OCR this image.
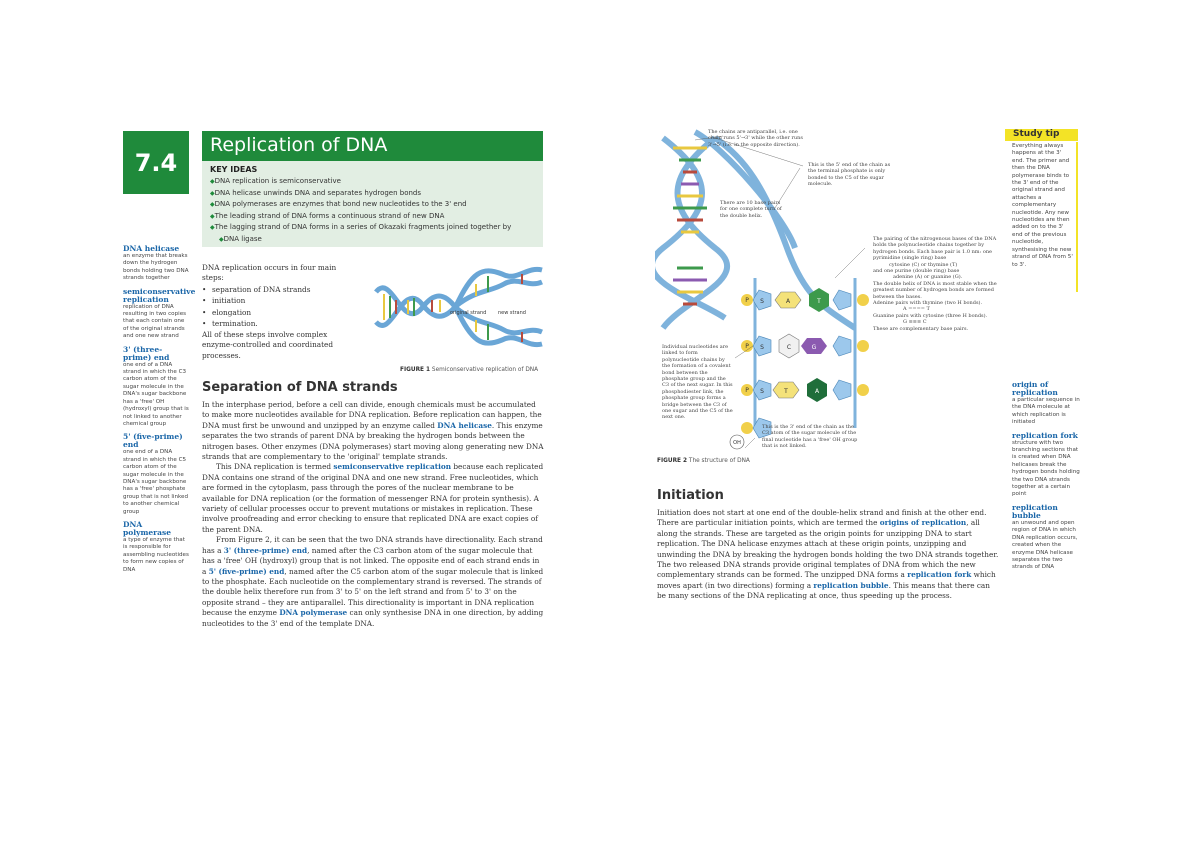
7.4
Replication of DNA
KEY IDEAS
◆ DNA replication is semiconservative
◆ DNA helicase unwinds DNA and separates hydrogen bonds
◆ DNA polymerases are enzymes that bond new nucleotides to the 3' end
◆ The leading strand of DNA forms a continuous strand of new DNA
◆ The lagging strand of DNA forms in a series of Okazaki fragments joined together by
◆ DNA ligase
DNA helicase
an enzyme that breaks down the hydrogen bonds holding two DNA strands together
semiconservative replication
replication of DNA resulting in two copies that each contain one of the original strands and one new strand
3' (three-prime) end
one end of a DNA strand in which the C3 carbon atom of the sugar molecule in the DNA's sugar backbone has a 'free' OH (hydroxyl) group that is not linked to another chemical group
5' (five-prime) end
one end of a DNA strand in which the C5 carbon atom of the sugar molecule in the DNA's sugar backbone has a 'free' phosphate group that is not linked to another chemical group
DNA polymerase
a type of enzyme that is responsible for assembling nucleotides to form new copies of DNA
DNA replication occurs in four main steps:
• separation of DNA strands
• initiation
• elongation
• termination.
All of these steps involve complex enzyme-controlled and coordinated processes.
original strand new strand
FIGURE 1 Semiconservative replication of DNA
Separation of DNA strands

In the interphase period, before a cell can divide, enough chemicals must be accumulated to make more nucleotides available for DNA replication. Before replication can happen, the DNA must first be unwound and unzipped by an enzyme called DNA helicase. This enzyme separates the two strands of parent DNA by breaking the hydrogen bonds between the nitrogen bases. Other enzymes (DNA polymerases) start moving along generating new DNA strands that are complementary to the 'original' template strands.

This DNA replication is termed semiconservative replication because each replicated DNA contains one strand of the original DNA and one new strand. Free nucleotides, which are formed in the cytoplasm, pass through the pores of the nuclear membrane to be available for DNA replication (or the formation of messenger RNA for protein synthesis). A variety of cellular processes occur to prevent mutations or mistakes in replication. These involve proofreading and error checking to ensure that replicated DNA are exact copies of the parent DNA.

From Figure 2, it can be seen that the two DNA strands have directionality. Each strand has a 3' (three-prime) end, named after the C3 carbon atom of the sugar molecule that has a 'free' OH (hydroxyl) group that is not linked. The opposite end of each strand ends in a 5' (five-prime) end, named after the C5 carbon atom of the sugar molecule that is linked to the phosphate. Each nucleotide on the complementary strand is reversed. The strands of the double helix therefore run from 3' to 5' on the left strand and from 5' to 3' on the opposite strand – they are antiparallel. This directionality is important in DNA replication because the enzyme DNA polymerase can only synthesise DNA in one direction, by adding nucleotides to the 3' end of the template DNA.

A	T
C	G
T	A
P
P
P
S
S
S
OH
The chains are antiparallel, i.e. one chain runs 5'→3' while the other runs 3'→5' (i.e. in the opposite direction).
This is the 5' end of the chain as the terminal phosphate is only bonded to the C5 of the sugar molecule.
There are 10 base pairs for one complete turn of the double helix.
The pairing of the nitrogenous bases of the DNA holds the polynucleotide chains together by hydrogen bonds. Each base pair is 1.0 nm: one pyrimidine (single ring) base
cytosine (C) or thymine (T)
and one purine (double ring) base
adenine (A) or guanine (G).
The double helix of DNA is most stable when the greatest number of hydrogen bonds are formed between the bases.
Adenine pairs with thymine (two H bonds).
A ==== T
Guanine pairs with cytosine (three H bonds).
G ≡≡≡ C
These are complementary base pairs.
Individual nucleotides are linked to form polynucleotide chains by the formation of a covalent bond between the phosphate group and the C3 of the next sugar. In this phosphodiester link, the phosphate group forms a bridge between the C3 of one sugar and the C5 of the next one.
This is the 3' end of the chain as the C3 atom of the sugar molecule of the final nucleotide has a 'free' OH group that is not linked.
FIGURE 2 The structure of DNA
Initiation

Initiation does not start at one end of the double-helix strand and finish at the other end. There are particular initiation points, which are termed the origins of replication, all along the strands. These are targeted as the origin points for unzipping DNA to start replication. The DNA helicase enzymes attach at these origin points, unzipping and unwinding the DNA by breaking the hydrogen bonds holding the two DNA strands together. The two released DNA strands provide original templates of DNA from which the new complementary strands can be formed. The unzipped DNA forms a replication fork which moves apart (in two directions) forming a replication bubble. This means that there can be many sections of the DNA replicating at once, thus speeding up the process.

Study tip
Everything always happens at the 3' end. The primer and then the DNA polymerase binds to the 3' end of the original strand and attaches a complementary nucleotide. Any new nucleotides are then added on to the 3' end of the previous nucleotide, synthesising the new strand of DNA from 5' to 3'.
origin of replication
a particular sequence in the DNA molecule at which replication is initiated
replication fork
structure with two branching sections that is created when DNA helicases break the hydrogen bonds holding the two DNA strands together at a certain point
replication bubble
an unwound and open region of DNA in which DNA replication occurs, created when the enzyme DNA helicase separates the two strands of DNA
